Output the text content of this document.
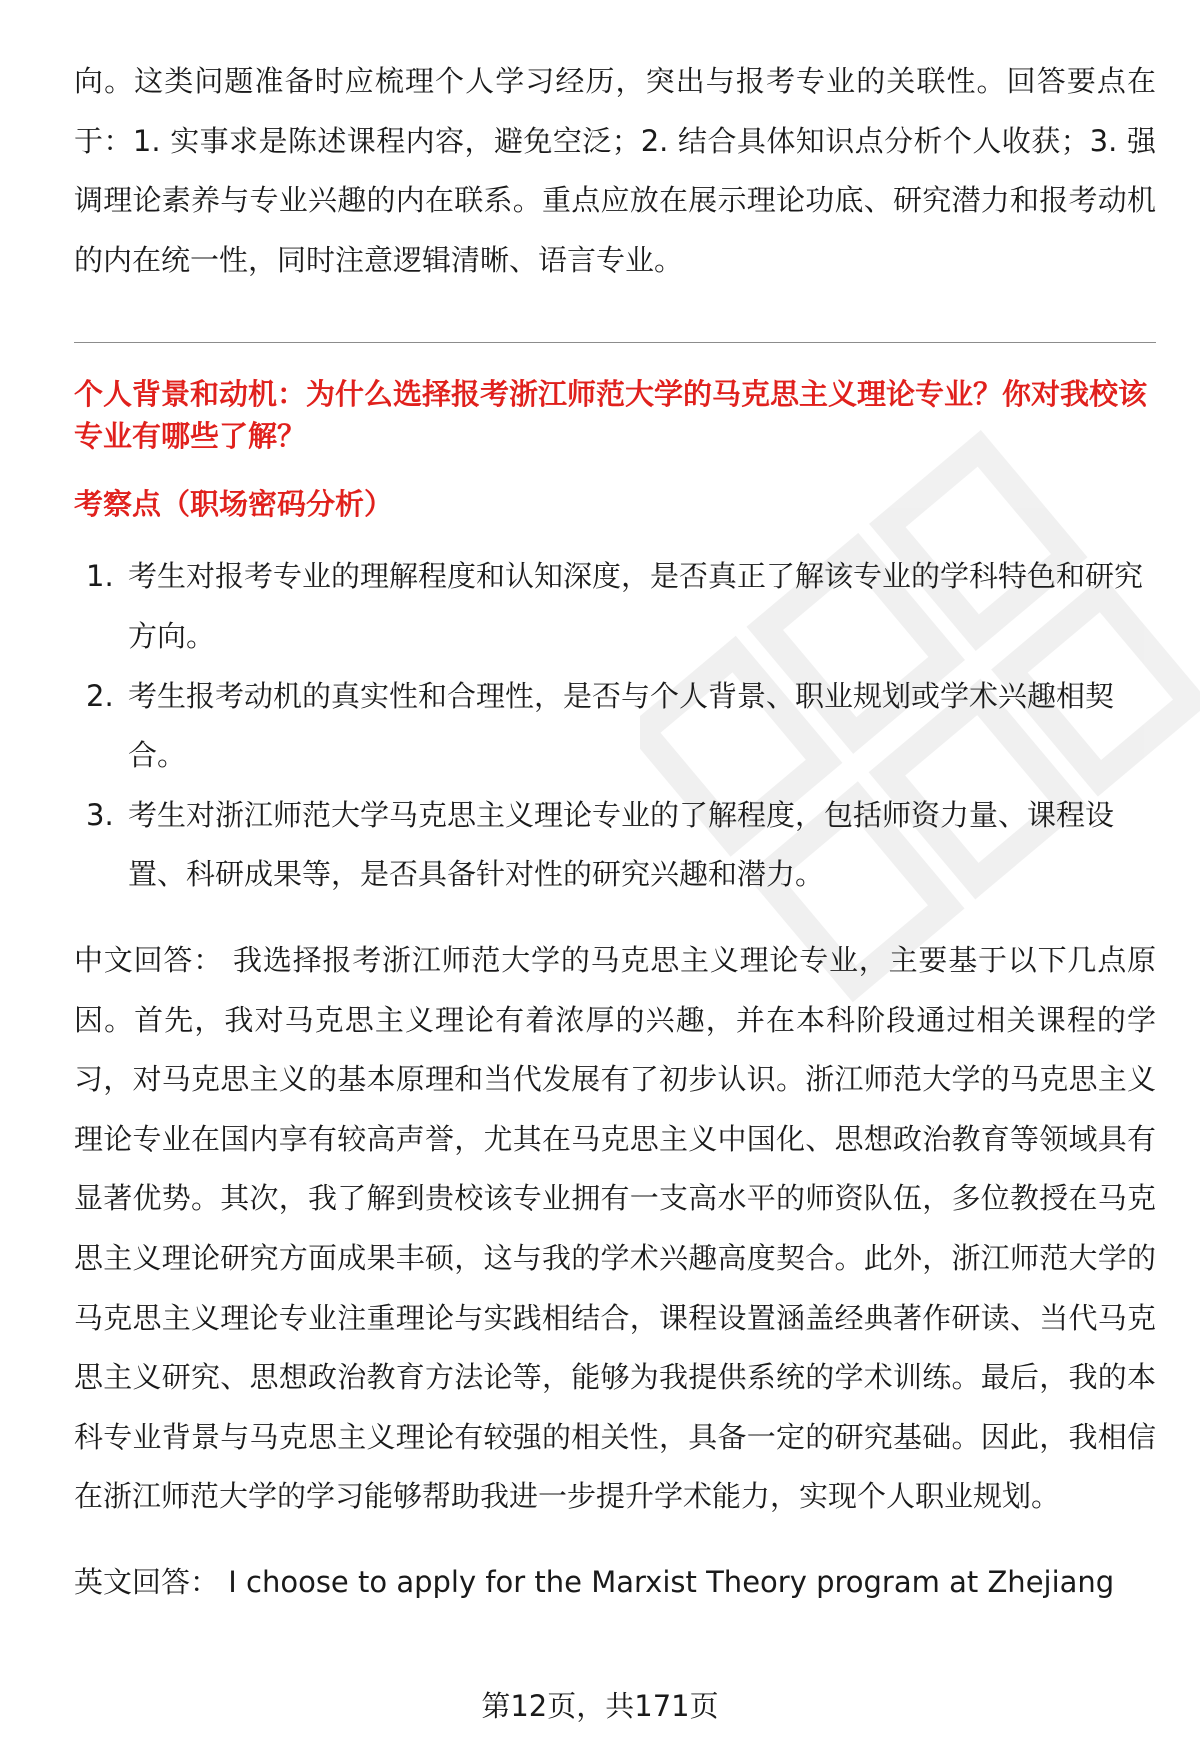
向。这类问题准备时应梳理个人学习经历，突出与报考专业的关联性。回答要点在于：1. 实事求是陈述课程内容，避免空泛；2. 结合具体知识点分析个人收获；3. 强调理论素养与专业兴趣的内在联系。重点应放在展示理论功底、研究潜力和报考动机的内在统一性，同时注意逻辑清晰、语言专业。

个人背景和动机：为什么选择报考浙江师范大学的马克思主义理论专业？你对我校该专业有哪些了解？
考察点（职场密码分析）
1. 考生对报考专业的理解程度和认知深度，是否真正了解该专业的学科特色和研究方向。
2. 考生报考动机的真实性和合理性，是否与个人背景、职业规划或学术兴趣相契合。
3. 考生对浙江师范大学马克思主义理论专业的了解程度，包括师资力量、课程设置、科研成果等，是否具备针对性的研究兴趣和潜力。

中文回答： 我选择报考浙江师范大学的马克思主义理论专业，主要基于以下几点原因。首先，我对马克思主义理论有着浓厚的兴趣，并在本科阶段通过相关课程的学习，对马克思主义的基本原理和当代发展有了初步认识。浙江师范大学的马克思主义理论专业在国内享有较高声誉，尤其在马克思主义中国化、思想政治教育等领域具有显著优势。其次，我了解到贵校该专业拥有一支高水平的师资队伍，多位教授在马克思主义理论研究方面成果丰硕，这与我的学术兴趣高度契合。此外，浙江师范大学的马克思主义理论专业注重理论与实践相结合，课程设置涵盖经典著作研读、当代马克思主义研究、思想政治教育方法论等，能够为我提供系统的学术训练。最后，我的本科专业背景与马克思主义理论有较强的相关性，具备一定的研究基础。因此，我相信在浙江师范大学的学习能够帮助我进一步提升学术能力，实现个人职业规划。

英文回答： I choose to apply for the Marxist Theory program at Zhejiang

第12页，共171页
